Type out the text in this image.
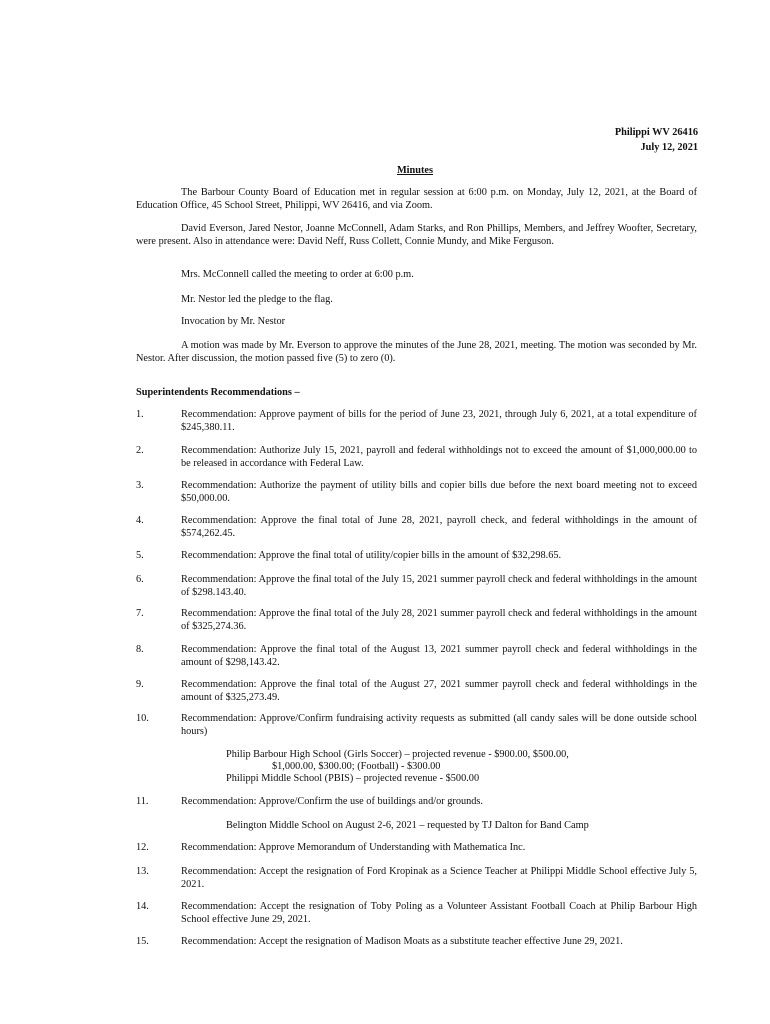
Philippi WV 26416
July 12, 2021
Minutes
The Barbour County Board of Education met in regular session at 6:00 p.m. on Monday, July 12, 2021, at the Board of Education Office, 45 School Street, Philippi, WV 26416, and via Zoom.
David Everson, Jared Nestor, Joanne McConnell, Adam Starks, and Ron Phillips, Members, and Jeffrey Woofter, Secretary, were present. Also in attendance were: David Neff, Russ Collett, Connie Mundy, and Mike Ferguson.
Mrs. McConnell called the meeting to order at 6:00 p.m.
Mr. Nestor led the pledge to the flag.
Invocation by Mr. Nestor
A motion was made by Mr. Everson to approve the minutes of the June 28, 2021, meeting. The motion was seconded by Mr. Nestor. After discussion, the motion passed five (5) to zero (0).
Superintendents Recommendations –
1.	Recommendation: Approve payment of bills for the period of June 23, 2021, through July 6, 2021, at a total expenditure of $245,380.11.
2.	Recommendation: Authorize July 15, 2021, payroll and federal withholdings not to exceed the amount of $1,000,000.00 to be released in accordance with Federal Law.
3.	Recommendation: Authorize the payment of utility bills and copier bills due before the next board meeting not to exceed $50,000.00.
4.	Recommendation: Approve the final total of June 28, 2021, payroll check, and federal withholdings in the amount of $574,262.45.
5.	Recommendation: Approve the final total of utility/copier bills in the amount of $32,298.65.
6.	Recommendation: Approve the final total of the July 15, 2021 summer payroll check and federal withholdings in the amount of $298.143.40.
7.	Recommendation: Approve the final total of the July 28, 2021 summer payroll check and federal withholdings in the amount of $325,274.36.
8.	Recommendation: Approve the final total of the August 13, 2021 summer payroll check and federal withholdings in the amount of $298,143.42.
9.	Recommendation: Approve the final total of the August 27, 2021 summer payroll check and federal withholdings in the amount of $325,273.49.
10.	Recommendation: Approve/Confirm fundraising activity requests as submitted (all candy sales will be done outside school hours)
Philip Barbour High School (Girls Soccer) – projected revenue - $900.00, $500.00,
$1,000.00, $300.00; (Football) - $300.00
Philippi Middle School (PBIS) – projected revenue - $500.00
11.	Recommendation: Approve/Confirm the use of buildings and/or grounds.
Belington Middle School on August 2-6, 2021 – requested by TJ Dalton for Band Camp
12.	Recommendation: Approve Memorandum of Understanding with Mathematica Inc.
13.	Recommendation: Accept the resignation of Ford Kropinak as a Science Teacher at Philippi Middle School effective July 5, 2021.
14.	Recommendation: Accept the resignation of Toby Poling as a Volunteer Assistant Football Coach at Philip Barbour High School effective June 29, 2021.
15.	Recommendation: Accept the resignation of Madison Moats as a substitute teacher effective June 29, 2021.
